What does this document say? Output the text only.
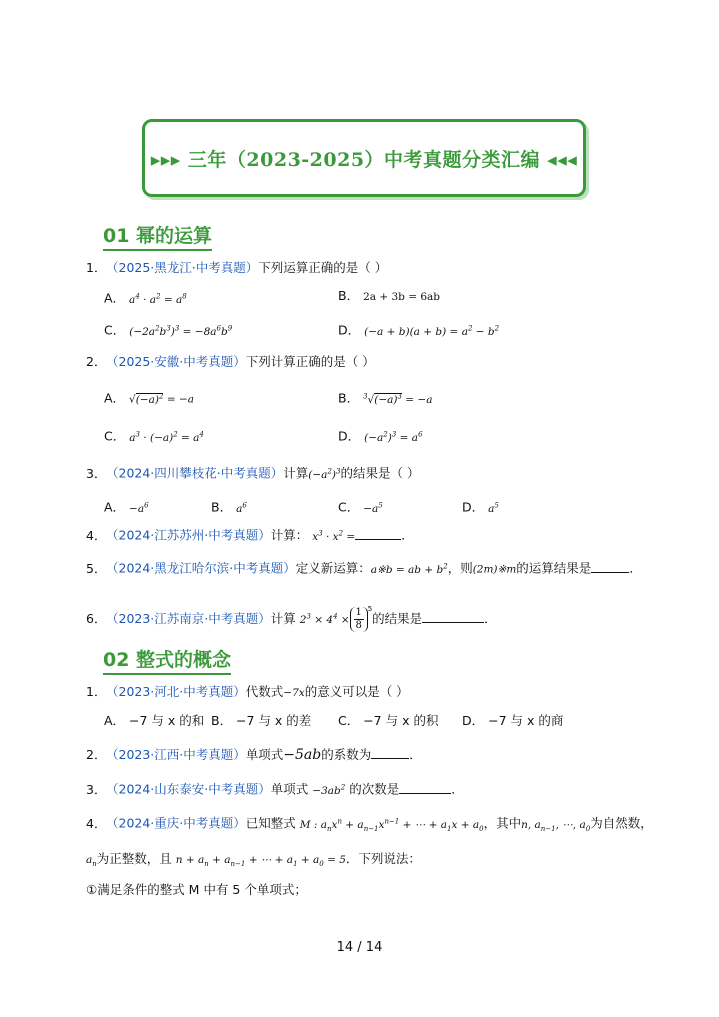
▸▸▸ 三年（2023-2025）中考真题分类汇编 ◂◂◂
01 幂的运算
1．（2025·黑龙江·中考真题）下列运算正确的是（ ）
A． $a^4 \cdot a^2 = a^8$	B． 2a + 3b = 6ab
C． $(-2a^2b^3)^3 = -8a^6b^9$	D． $(-a + b)(a + b) = a^2 - b^2$
2．（2025·安徽·中考真题）下列计算正确的是（ ）
A． $√(-a)^2 = -a$	B． $^3√(-a)^3 = -a$
C． $a^3 \cdot (-a)^2 = a^4$	D． $(-a^2)^3 = a^6$
3．（2024·四川攀枝花·中考真题）计算$(-a^2)^3$的结果是（ ）
A． $-a^6$	B． $a^6$	C． $-a^5$	D． $a^5$
4．（2024·江苏苏州·中考真题）计算： $x^3 \cdot x^2$ =	．
5．（2024·黑龙江哈尔滨·中考真题）定义新运算：a※b = ab + $b^2$，则(2m)※m的运算结果是	．
6．（2023·江苏南京·中考真题）计算 $2^3 \times 4^4 \times \frac{1}{8} ^5$的结果是	．
02 整式的概念
1．（2023·河北·中考真题）代数式−7x的意义可以是（ ）
A． −7 与 x 的和 B． −7 与 x 的差 C． −7 与 x 的积 D． −7 与 x 的商
2．（2023·江西·中考真题）单项式−5ab的系数为	．
3．（2024·山东泰安·中考真题）单项式 $-3ab^2$ 的次数是	．
4．（2024·重庆·中考真题）已知整式 M : $a_nx^n + a_{n-1}x^{n-1}$ + ⋯ + $a_1x + a_0$，其中n, $a_{n-1}$, ⋯, $a_0$为自然数，
$a_n$为正整数，且 $n + a_n + a_{n-1}$ + ⋯ + $a_1 + a_0 = 5$．下列说法：
①满足条件的整式 M 中有 5 个单项式；
14 / 14
